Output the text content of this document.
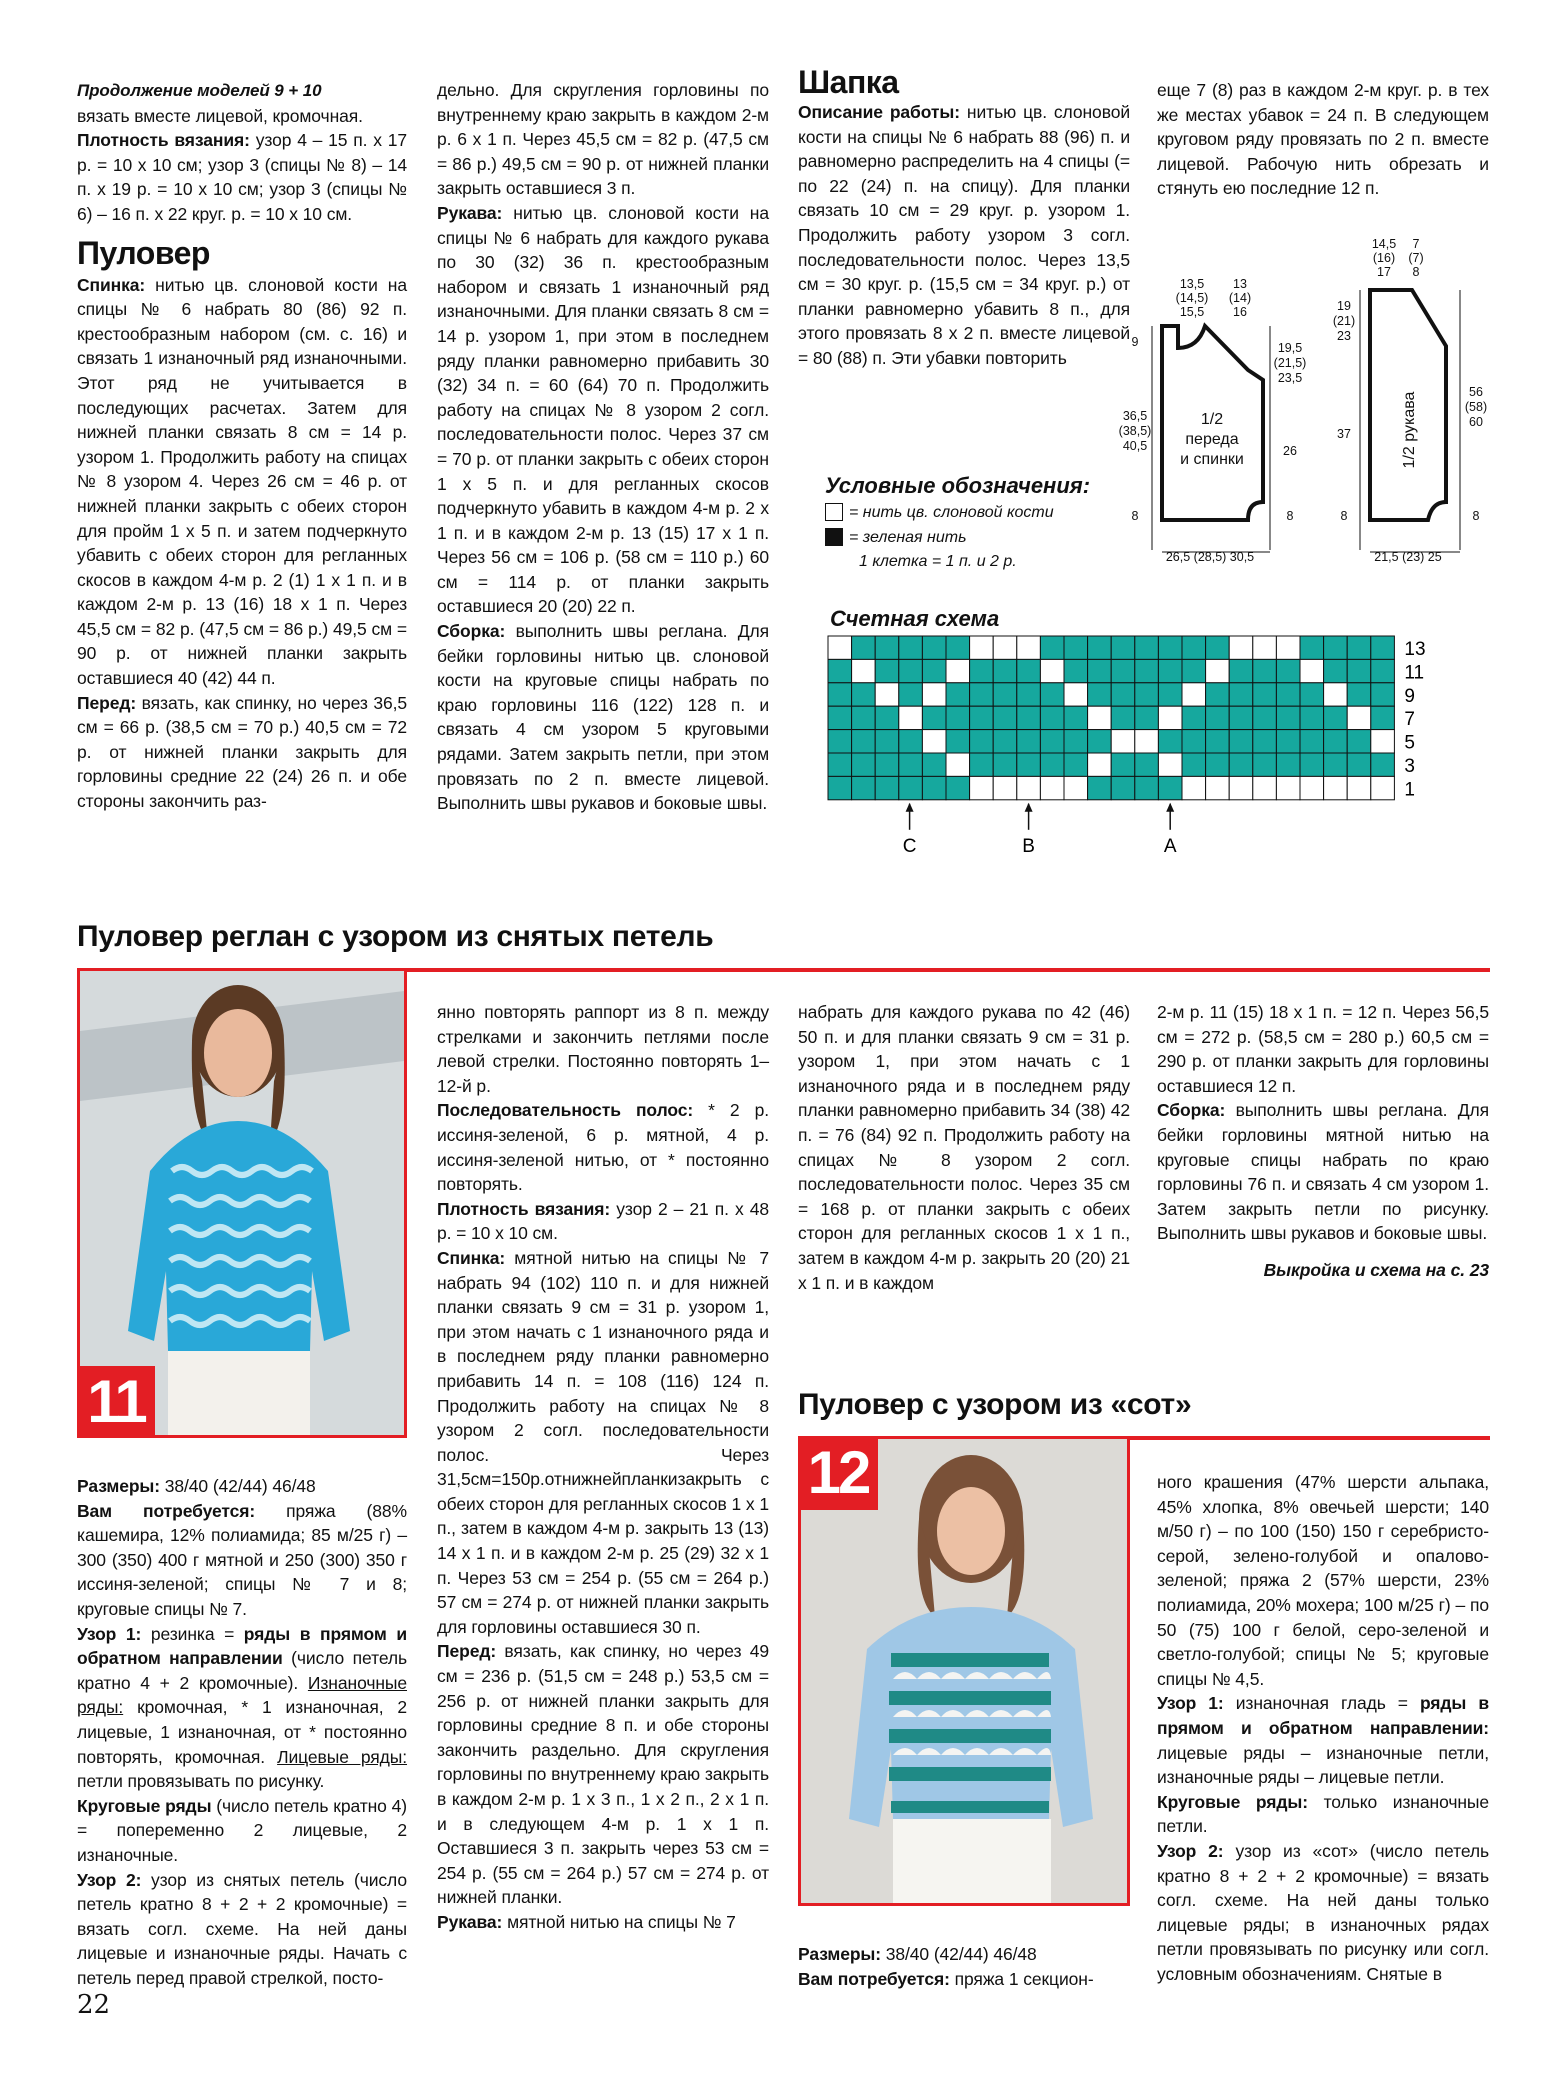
Продолжение моделей 9 + 10

вязать вместе лицевой, кромочная.

Плотность вязания: узор 4 – 15 п. х 17 р. = 10 х 10 см; узор 3 (спицы № 8) – 14 п. х 19 р. = 10 х 10 см; узор 3 (спицы № 6) – 16 п. х 22 круг. р. = 10 х 10 см.

Пуловер

Спинка: нитью цв. слоновой кости на спицы № 6 набрать 80 (86) 92 п. крестообразным набором (см. с. 16) и связать 1 изнаночный ряд изнаночными. Этот ряд не учитывается в последующих расчетах. Затем для нижней планки связать 8 см = 14 р. узором 1. Продолжить работу на спицах № 8 узором 4. Через 26 см = 46 р. от нижней планки закрыть с обеих сторон для пройм 1 х 5 п. и затем подчеркнуто убавить с обеих сторон для регланных скосов в каждом 4-м р. 2 (1) 1 х 1 п. и в каждом 2-м р. 13 (16) 18 х 1 п. Через 45,5 см = 82 р. (47,5 см = 86 р.) 49,5 см = 90 р. от нижней планки закрыть оставшиеся 40 (42) 44 п.

Перед: вязать, как спинку, но через 36,5 см = 66 р. (38,5 см = 70 р.) 40,5 см = 72 р. от нижней планки закрыть для горловины средние 22 (24) 26 п. и обе стороны закончить раз-

дельно. Для скругления горловины по внутреннему краю закрыть в каждом 2-м р. 6 х 1 п. Через 45,5 см = 82 р. (47,5 см = 86 р.) 49,5 см = 90 р. от нижней планки закрыть оставшиеся 3 п.

Рукава: нитью цв. слоновой кости на спицы № 6 набрать для каждого рукава по 30 (32) 36 п. крестообразным набором и связать 1 изнаночный ряд изнаночными. Для планки связать 8 см = 14 р. узором 1, при этом в последнем ряду планки равномерно прибавить 30 (32) 34 п. = 60 (64) 70 п. Продолжить работу на спицах № 8 узором 2 согл. последовательности полос. Через 37 см = 70 р. от планки закрыть с обеих сторон 1 х 5 п. и для регланных скосов подчеркнуто убавить в каждом 4-м р. 2 х 1 п. и в каждом 2-м р. 13 (15) 17 х 1 п. Через 56 см = 106 р. (58 см = 110 р.) 60 см = 114 р. от планки закрыть оставшиеся 20 (20) 22 п.

Сборка: выполнить швы реглана. Для бейки горловины нитью цв. слоновой кости на круговые спицы набрать по краю горловины 116 (122) 128 п. и связать 4 см узором 5 круговыми рядами. Затем закрыть петли, при этом провязать по 2 п. вместе лицевой. Выполнить швы рукавов и боковые швы.

Шапка

Описание работы: нитью цв. слоновой кости на спицы № 6 набрать 88 (96) п. и равномерно распределить на 4 спицы (= по 22 (24) п. на спицу). Для планки связать 10 см = 29 круг. р. узором 1. Продолжить работу узором 3 согл. последовательности полос. Через 13,5 см = 30 круг. р. (15,5 см = 34 круг. р.) от планки равномерно убавить 8 п., для этого провязать 8 х 2 п. вместе лицевой = 80 (88) п. Эти убавки повторить

еще 7 (8) раз в каждом 2-м круг. р. в тех же местах убавок = 24 п. В следующем круговом ряду провязать по 2 п. вместе лицевой. Рабочую нить обрезать и стянуть ею последние 12 п.

Условные обозначения:
= нить цв. слоновой кости
= зеленая нить
1 клетка = 1 п. и 2 р.
1/2
переда
и спинки
13,5
(14,5)
15,5
13
(14)
16
9
36,5
(38,5)
40,5
8
19,5
(21,5)
23,5
26
8
26,5 (28,5) 30,5
1/2 рукава
14,5
(16)
17
7
(7)
8
19
(21)
23
37
8
56
(58)
60
8
21,5 (23) 25
Счетная схема
13
11
9
7
5
3
1
C	B	A
Пуловер реглан с узором из снятых петель
11

Размеры: 38/40 (42/44) 46/48

Вам потребуется: пряжа (88% кашемира, 12% полиамида; 85 м/25 г) – 300 (350) 400 г мятной и 250 (300) 350 г иссиня-зеленой; спицы № 7 и 8; круговые спицы № 7.

Узор 1: резинка = ряды в прямом и обратном направлении (число петель кратно 4 + 2 кромочные). Изнаночные ряды: кромочная, * 1 изнаночная, 2 лицевые, 1 изнаночная, от * постоянно повторять, кромочная. Лицевые ряды: петли провязывать по рисунку.

Круговые ряды (число петель кратно 4) = попеременно 2 лицевые, 2 изнаночные.

Узор 2: узор из снятых петель (число петель кратно 8 + 2 + 2 кромочные) = вязать согл. схеме. На ней даны лицевые и изнаночные ряды. Начать с петель перед правой стрелкой, посто-

янно повторять раппорт из 8 п. между стрелками и закончить петлями после левой стрелки. Постоянно повторять 1–12-й р.

Последовательность полос: * 2 р. иссиня-зеленой, 6 р. мятной, 4 р. иссиня-зеленой нитью, от * постоянно повторять.

Плотность вязания: узор 2 – 21 п. х 48 р. = 10 х 10 см.

Спинка: мятной нитью на спицы № 7 набрать 94 (102) 110 п. и для нижней планки связать 9 см = 31 р. узором 1, при этом начать с 1 изнаночного ряда и в последнем ряду планки равномерно прибавить 14 п. = 108 (116) 124 п. Продолжить работу на спицах № 8 узором 2 согл. последовательности полос. Через 31,5см=150р.отнижнейпланкизакрыть с обеих сторон для регланных скосов 1 х 1 п., затем в каждом 4-м р. закрыть 13 (13) 14 х 1 п. и в каждом 2-м р. 25 (29) 32 х 1 п. Через 53 см = 254 р. (55 см = 264 р.) 57 см = 274 р. от нижней планки закрыть для горловины оставшиеся 30 п.

Перед: вязать, как спинку, но через 49 см = 236 р. (51,5 см = 248 р.) 53,5 см = 256 р. от нижней планки закрыть для горловины средние 8 п. и обе стороны закончить раздельно. Для скругления горловины по внутреннему краю закрыть в каждом 2-м р. 1 х 3 п., 1 х 2 п., 2 х 1 п. и в следующем 4-м р. 1 х 1 п. Оставшиеся 3 п. закрыть через 53 см = 254 р. (55 см = 264 р.) 57 см = 274 р. от нижней планки.

Рукава: мятной нитью на спицы № 7

набрать для каждого рукава по 42 (46) 50 п. и для планки связать 9 см = 31 р. узором 1, при этом начать с 1 изнаночного ряда и в последнем ряду планки равномерно прибавить 34 (38) 42 п. = 76 (84) 92 п. Продолжить работу на спицах № 8 узором 2 согл. последовательности полос. Через 35 см = 168 р. от планки закрыть с обеих сторон для регланных скосов 1 х 1 п., затем в каждом 4-м р. закрыть 20 (20) 21 х 1 п. и в каждом

2-м р. 11 (15) 18 х 1 п. = 12 п. Через 56,5 см = 272 р. (58,5 см = 280 р.) 60,5 см = 290 р. от планки закрыть для горловины оставшиеся 12 п.

Сборка: выполнить швы реглана. Для бейки горловины мятной нитью на круговые спицы набрать по краю горловины 76 п. и связать 4 см узором 1. Затем закрыть петли по рисунку. Выполнить швы рукавов и боковые швы.

Выкройка и схема на с. 23

Пуловер с узором из «сот»
12

Размеры: 38/40 (42/44) 46/48

Вам потребуется: пряжа 1 секцион-

ного крашения (47% шерсти альпака, 45% хлопка, 8% овечьей шерсти; 140 м/50 г) – по 100 (150) 150 г серебристо-серой, зелено-голубой и опалово-зеленой; пряжа 2 (57% шерсти, 23% полиамида, 20% мохера; 100 м/25 г) – по 50 (75) 100 г белой, серо-зеленой и светло-голубой; спицы № 5; круговые спицы № 4,5.

Узор 1: изнаночная гладь = ряды в прямом и обратном направлении: лицевые ряды – изнаночные петли, изнаночные ряды – лицевые петли.

Круговые ряды: только изнаночные петли.

Узор 2: узор из «сот» (число петель кратно 8 + 2 + 2 кромочные) = вязать согл. схеме. На ней даны только лицевые ряды; в изнаночных рядах петли провязывать по рисунку или согл. условным обозначениям. Снятые в

22
